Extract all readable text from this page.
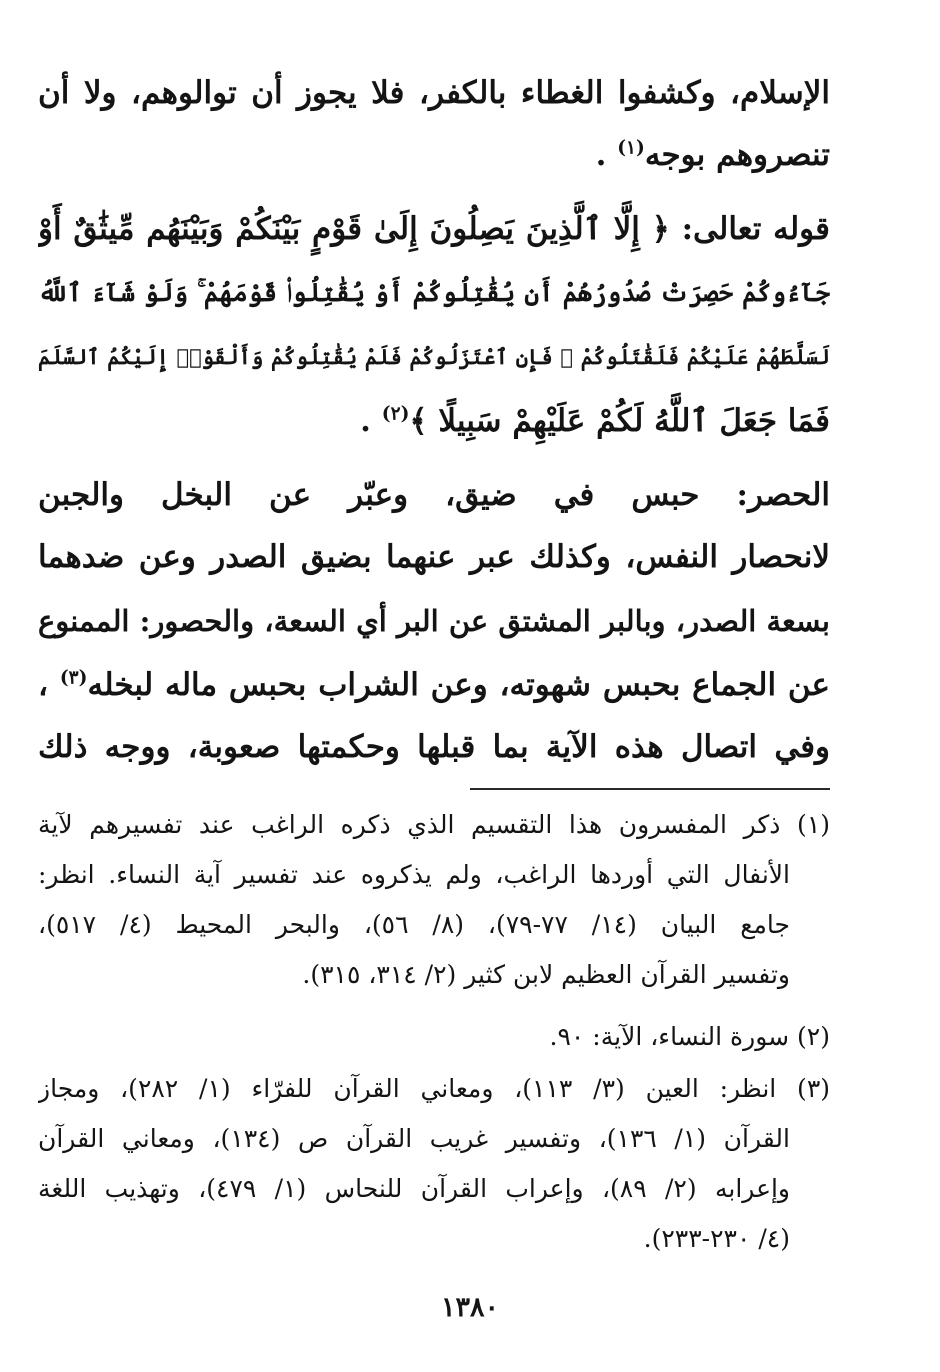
الإسلام، وكشفوا الغطاء بالكفر، فلا يجوز أن توالوهم، ولا أن
تنصروهم بوجه$^{(١)}$ .
قوله تعالى: ﴿ إِلَّا ٱلَّذِينَ يَصِلُونَ إِلَىٰ قَوْمٍ بَيْنَكُمْ وَبَيْنَهُم مِّيثَٰقٌ أَوْ
جَآءُوكُمْ حَصِرَتْ صُدُورُهُمْ أَن يُقَٰتِلُوكُمْ أَوْ يُقَٰتِلُوا۟ قَوْمَهُمْ ۚ وَلَوْ شَآءَ ٱللَّهُ
لَسَلَّطَهُمْ عَلَيْكُمْ فَلَقَٰتَلُوكُمْ ۚ فَإِنِ ٱعْتَزَلُوكُمْ فَلَمْ يُقَٰتِلُوكُمْ وَأَلْقَوْا۟ إِلَيْكُمُ ٱلسَّلَمَ
فَمَا جَعَلَ ٱللَّهُ لَكُمْ عَلَيْهِمْ سَبِيلًا ﴾$^{(٢)}$ .
الحصر: حبس في ضيق، وعبّر عن البخل والجبن
لانحصار النفس، وكذلك عبر عنهما بضيق الصدر وعن ضدهما
بسعة الصدر، وبالبر المشتق عن البر أي السعة، والحصور: الممنوع
عن الجماع بحبس شهوته، وعن الشراب بحبس ماله لبخله$^{(٣)}$ ،
وفي اتصال هذه الآية بما قبلها وحكمتها صعوبة، ووجه ذلك
(١) ذكر المفسرون هذا التقسيم الذي ذكره الراغب عند تفسيرهم لآية
الأنفال التي أوردها الراغب، ولم يذكروه عند تفسير آية النساء. انظر:
جامع البيان (١٤/ ٧٧-٧٩)، (٨/ ٥٦)، والبحر المحيط (٤/ ٥١٧)،
وتفسير القرآن العظيم لابن كثير (٢/ ٣١٤، ٣١٥).
(٢) سورة النساء، الآية: ٩٠.
(٣) انظر: العين (٣/ ١١٣)، ومعاني القرآن للفرّاء (١/ ٢٨٢)، ومجاز
القرآن (١/ ١٣٦)، وتفسير غريب القرآن ص (١٣٤)، ومعاني القرآن
وإعرابه (٢/ ٨٩)، وإعراب القرآن للنحاس (١/ ٤٧٩)، وتهذيب اللغة
(٤/ ٢٣٠-٢٣٣).
١٣٨٠
